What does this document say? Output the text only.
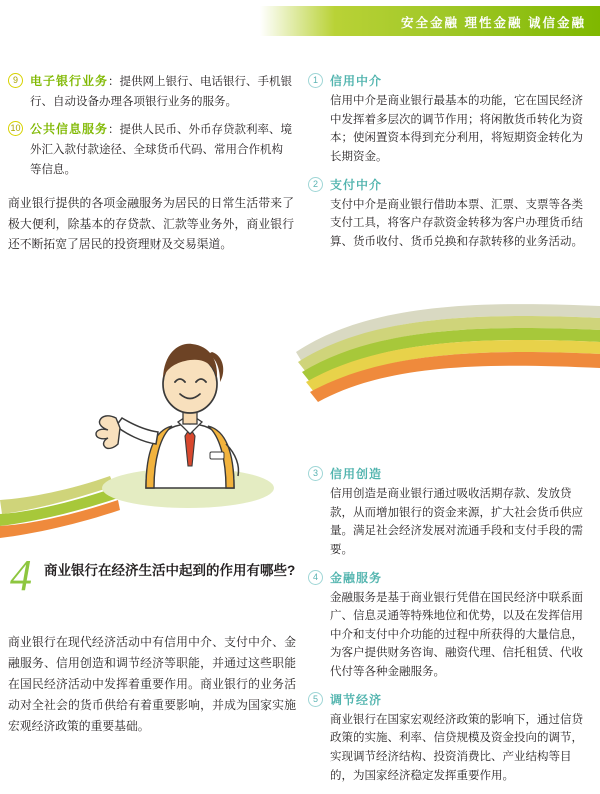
安全金融 理性金融 诚信金融
9	电子银行业务：提供网上银行、电话银行、手机银行、自动设备办理各项银行业务的服务。
10 公共信息服务：提供人民币、外币存贷款利率、境外汇入款付款途径、全球货币代码、常用合作机构等信息。
商业银行提供的各项金融服务为居民的日常生活带来了极大便利，除基本的存贷款、汇款等业务外，商业银行还不断拓宽了居民的投资理财及交易渠道。
1	信用中介
信用中介是商业银行最基本的功能，它在国民经济中发挥着多层次的调节作用；将闲散货币转化为资本；使闲置资本得到充分利用，将短期资金转化为长期资金。
2	支付中介
支付中介是商业银行借助本票、汇票、支票等各类支付工具，将客户存款资金转移为客户办理货币结算、货币收付、货币兑换和存款转移的业务活动。
3	信用创造
信用创造是商业银行通过吸收活期存款、发放贷款，从而增加银行的资金来源，扩大社会货币供应量。满足社会经济发展对流通手段和支付手段的需要。
4	金融服务
金融服务是基于商业银行凭借在国民经济中联系面广、信息灵通等特殊地位和优势，以及在发挥信用中介和支付中介功能的过程中所获得的大量信息，为客户提供财务咨询、融资代理、信托租赁、代收代付等各种金融服务。
5	调节经济
商业银行在国家宏观经济政策的影响下，通过信贷政策的实施、利率、信贷规模及资金投向的调节，实现调节经济结构、投资消费比、产业结构等目的，为国家经济稳定发挥重要作用。
4 商业银行在经济生活中起到的作用有哪些?
商业银行在现代经济活动中有信用中介、支付中介、金融服务、信用创造和调节经济等职能，并通过这些职能在国民经济活动中发挥着重要作用。商业银行的业务活动对全社会的货币供给有着重要影响，并成为国家实施宏观经济政策的重要基础。
